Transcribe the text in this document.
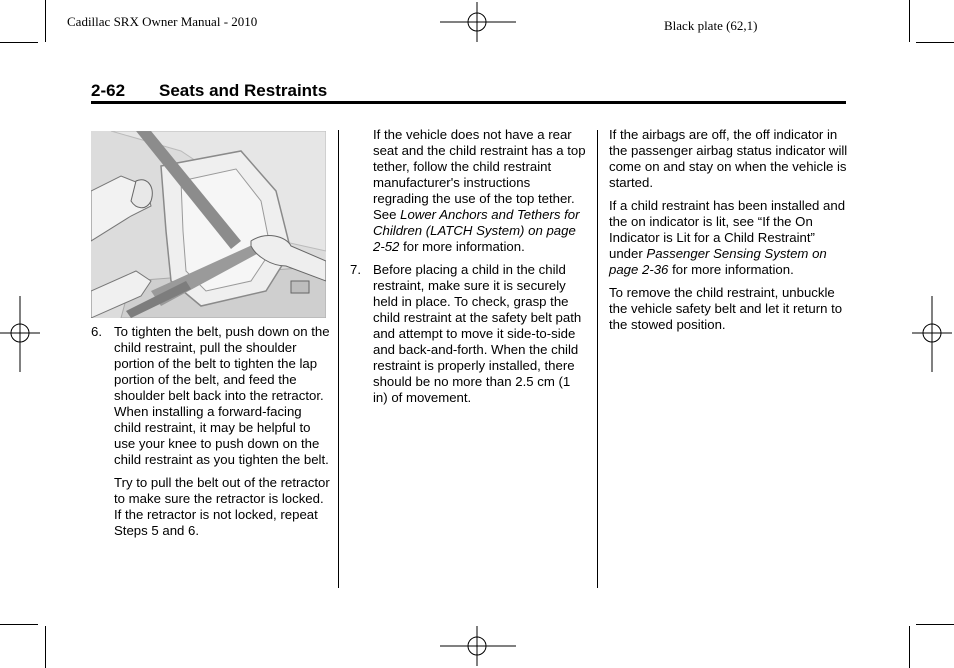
Cadillac SRX Owner Manual - 2010	Black plate (62,1)
2-62 Seats and Restraints
6. To tighten the belt, push down on the child restraint, pull the shoulder portion of the belt to tighten the lap portion of the belt, and feed the shoulder belt back into the retractor. When installing a forward-facing child restraint, it may be helpful to use your knee to push down on the child restraint as you tighten the belt.

Try to pull the belt out of the retractor to make sure the retractor is locked. If the retractor is not locked, repeat Steps 5 and 6.

If the vehicle does not have a rear seat and the child restraint has a top tether, follow the child restraint manufacturer's instructions regrading the use of the top tether. See Lower Anchors and Tethers for Children (LATCH System) on page 2-52 for more information.
7. Before placing a child in the child restraint, make sure it is securely held in place. To check, grasp the child restraint at the safety belt path and attempt to move it side-to-side and back-and-forth. When the child restraint is properly installed, there should be no more than 2.5 cm (1 in) of movement.

If the airbags are off, the off indicator in the passenger airbag status indicator will come on and stay on when the vehicle is started.

If a child restraint has been installed and the on indicator is lit, see “If the On Indicator is Lit for a Child Restraint” under Passenger Sensing System on page 2-36 for more information.

To remove the child restraint, unbuckle the vehicle safety belt and let it return to the stowed position.
